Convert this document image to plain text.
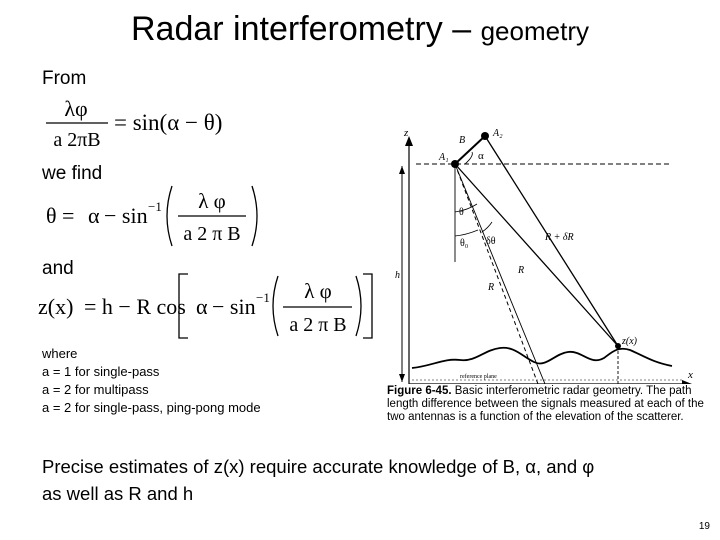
Radar interferometry – geometry
From
we find
and
λφ
a 2πB
= sin(α − θ)
θ = α − sin −1 λ φ
a 2 π B
z(x) = h − R cos α − sin −1 λ φ
a 2 π B
where
a = 1 for single-pass
a = 2 for multipass
a = 2 for single-pass, ping-pong mode
z
x
h
A₁
A₂
B
α
θ
θ₀ δθ	R + δR
R
R
z(x)
reference plane
Figure 6-45. Basic interferometric radar geometry. The path length difference between the signals measured at each of the two antennas is a function of the elevation of the scatterer.
Precise estimates of z(x) require accurate knowledge of B, α, and φ
as well as R and h
19
